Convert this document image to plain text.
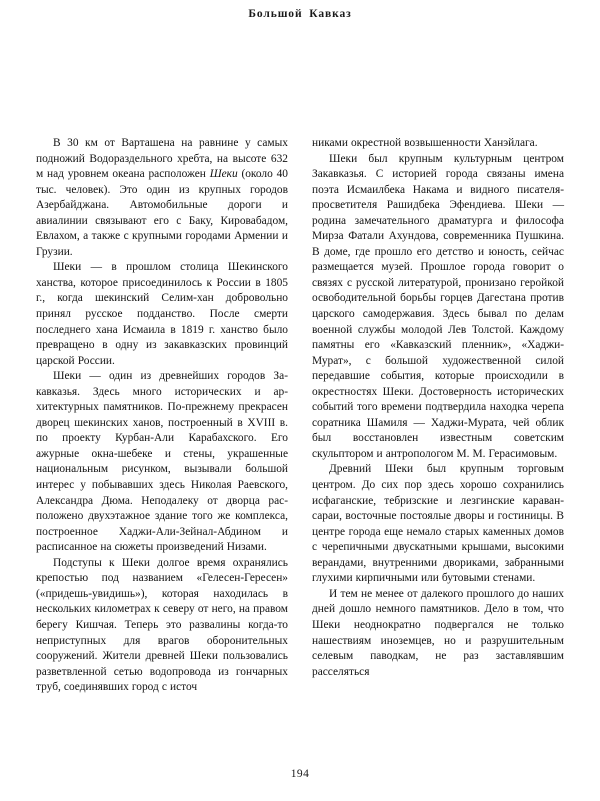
Большой Кавказ

В 30 км от Варташена на равнине у самых подножий Водораздельного хребта, на высоте 632 м над уровнем океана расположен Шеки (около 40 тыс. человек). Это один из крупных городов Азербайджана. Автомобильные дороги и авиалинии связывают его с Баку, Кировабадом, Евлахом, а также с крупными городами Армении и Грузии.

Шеки — в прошлом столица Шекинского ханства, которое присоединилось к России в 1805 г., когда шекинский Селим-хан добровольно принял русское подданство. После смерти последнего хана Исмаила в 1819 г. ханство было превращено в одну из закавказских провинций царской России.

Шеки — один из древнейших городов Закавказья. Здесь много исторических и архитектурных памятников. По-прежнему прекрасен дворец шекинских ханов, построенный в XVIII в. по проекту Курбан-Али Карабахского. Его ажурные окна-шебеке и стены, украшенные национальным рисунком, вызывали большой интерес у побывавших здесь Николая Раевского, Александра Дюма. Неподалеку от дворца расположено двухэтажное здание того же комплекса, построенное Хаджи-Али-Зейнал-Абдином и расписанное на сюжеты произведений Низами.

Подступы к Шеки долгое время охранялись крепостью под названием «Гелесен-Гересен» («придешь-увидишь»), которая находилась в нескольких километрах к северу от него, на правом берегу Кишчая. Теперь это развалины когда-то неприступных для врагов оборонительных сооружений. Жители древней Шеки пользовались разветвленной сетью водопровода из гончарных труб, соединявших город с источ

никами окрестной возвышенности Ханэйлага.

Шеки был крупным культурным центром Закавказья. С историей города связаны имена поэта Исмаилбека Накама и видного писателя-просветителя Рашидбека Эфендиева. Шеки — родина замечательного драматурга и философа Мирза Фатали Ахундова, современника Пушкина. В доме, где прошло его детство и юность, сейчас размещается музей. Прошлое города говорит о связях с русской литературой, пронизано геройкой освободительной борьбы горцев Дагестана против царского самодержавия. Здесь бывал по делам военной службы молодой Лев Толстой. Каждому памятны его «Кавказский пленник», «Хаджи-Мурат», с большой художественной силой передавшие события, которые происходили в окрестностях Шеки. Достоверность исторических событий того времени подтвердила находка черепа соратника Шамиля — Хаджи-Мурата, чей облик был восстановлен известным советским скульптором и антропологом М. М. Герасимовым.

Древний Шеки был крупным торговым центром. До сих пор здесь хорошо сохранились исфаганские, тебризские и лезгинские караван-сараи, восточные постоялые дворы и гостиницы. В центре города еще немало старых каменных домов с черепичными двускатными крышами, высокими верандами, внутренними двориками, забранными глухими кирпичными или бутовыми стенами.

И тем не менее от далекого прошлого до наших дней дошло немного памятников. Дело в том, что Шеки неоднократно подвергался не только нашествиям иноземцев, но и разрушительным селевым паводкам, не раз заставлявшим расселяться

194
